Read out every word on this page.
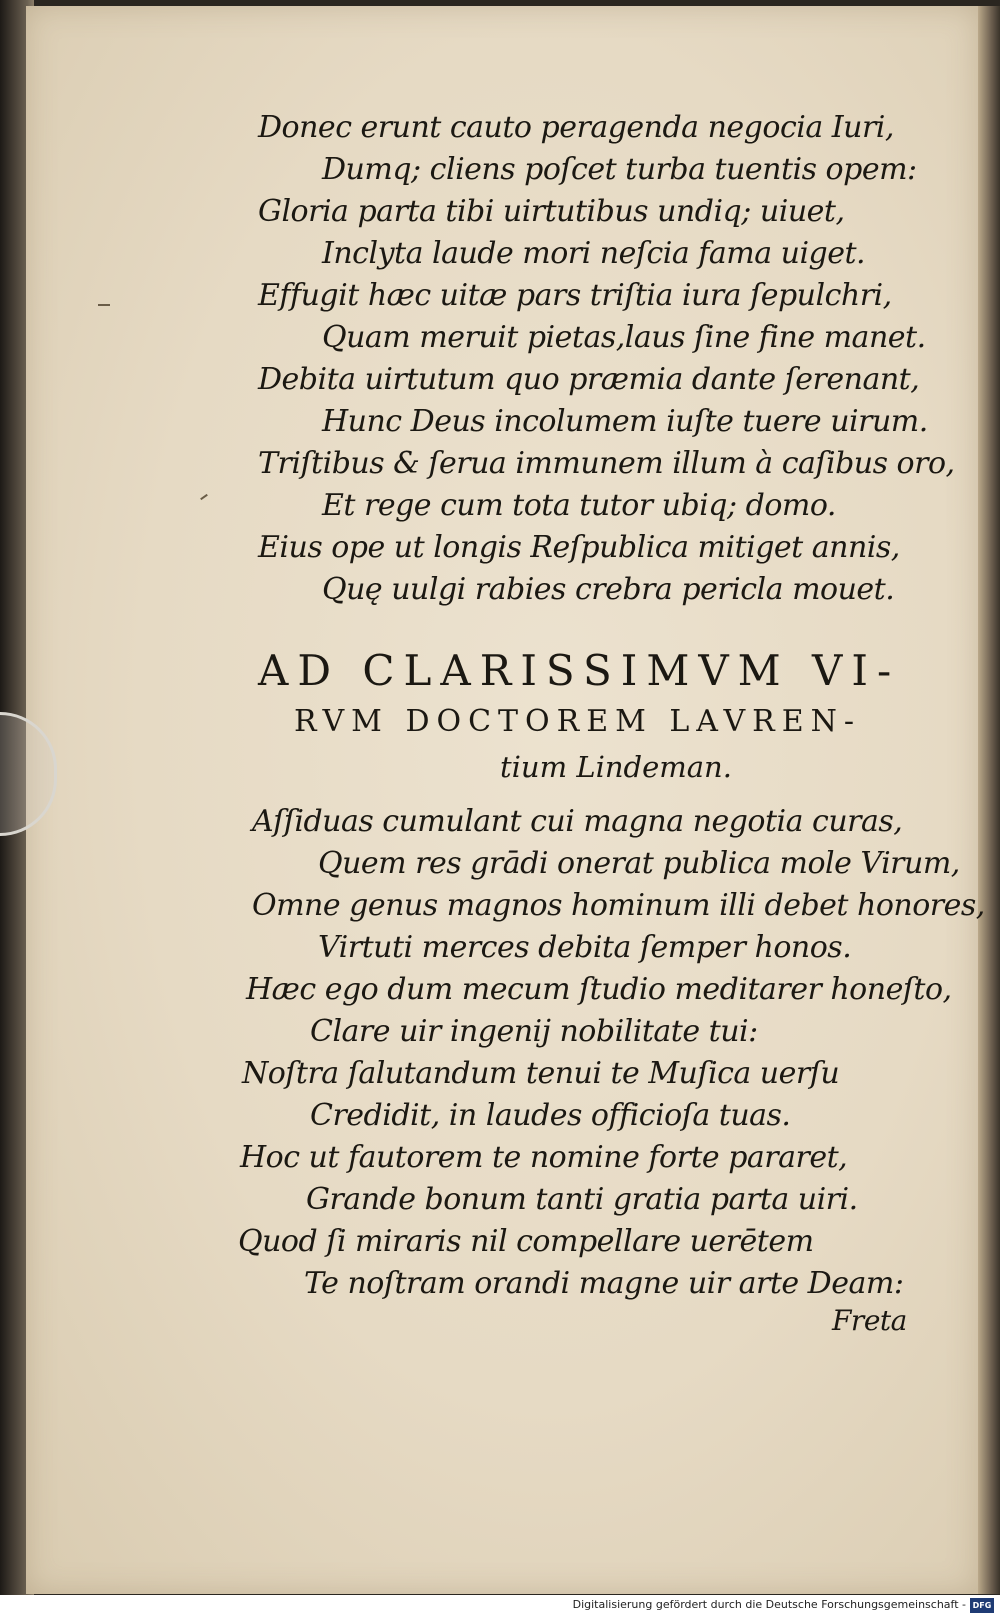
Donec erunt cauto peragenda negocia Iuri,
Dumq; cliens poſcet turba tuentis opem:
Gloria parta tibi uirtutibus undiq; uiuet,
Inclyta laude mori neſcia fama uiget.
Effugit hæc uitæ pars triſtia iura ſepulchri,
Quam meruit pietas,laus ſine fine manet.
Debita uirtutum quo præmia dante ſerenant,
Hunc Deus incolumem iuſte tuere uirum.
Triſtibus & ſerua immunem illum à caſibus oro,
Et rege cum tota tutor ubiq; domo.
Eius ope ut longis Reſpublica mitiget annis,
Quę uulgi rabies crebra pericla mouet.
AD CLARISSIMVM VI-
RVM DOCTOREM LAVREN-
tium Lindeman.
Aſſiduas cumulant cui magna negotia curas,
Quem res grādi onerat publica mole Virum,
Omne genus magnos hominum illi debet honores,
Virtuti merces debita ſemper honos.
Hæc ego dum mecum ſtudio meditarer honeſto,
Clare uir ingenij nobilitate tui:
Noſtra ſalutandum tenui te Muſica uerſu
Credidit, in laudes officioſa tuas.
Hoc ut fautorem te nomine forte pararet,
Grande bonum tanti gratia parta uiri.
Quod ſi miraris nil compellare uerētem
Te noſtram orandi magne uir arte Deam:
Freta
Digitalisierung gefördert durch die Deutsche Forschungsgemeinschaft - DFG
